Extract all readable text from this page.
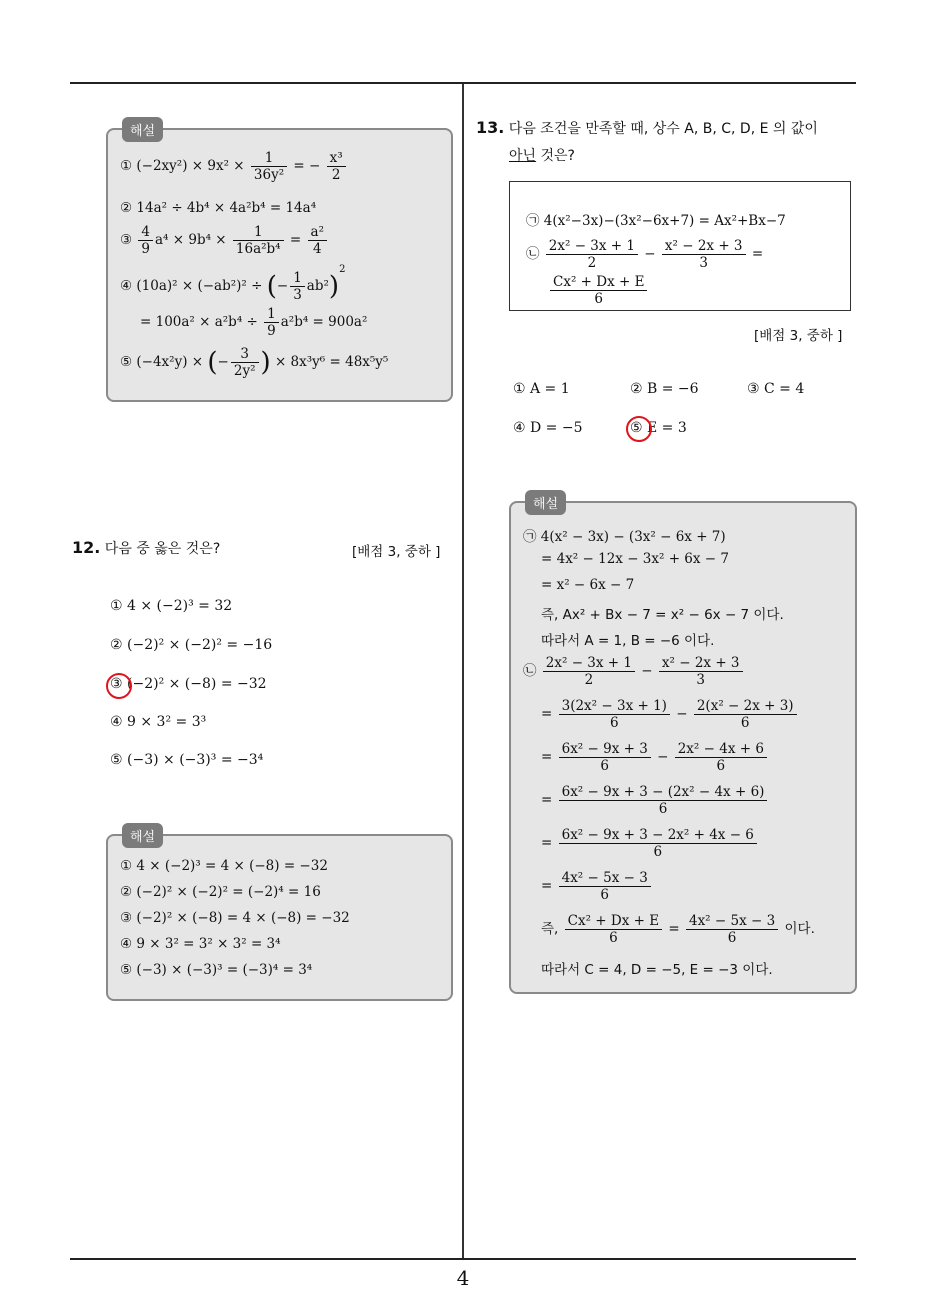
4
해설
① $(-2xy^2) \times 9x^2 \times \frac{1}{\text{36y²}}$ = − $\frac{\text{x³}}{2}$
② 14a² ÷ 4b⁴ × 4a²b⁴ = 14a⁴
③ $\frac{4}{9} a^4 \times 9b^4 \times \frac{1}{\text{16a²b⁴}} = \frac{\text{a²}}{4}$
④ (10a)² × (−ab²)² ÷ (− $\frac{1}{3} ab^2)^2$
= $100a^2 \times a^2b^4 \div \frac{1}{9} a^2b^4 = 900a^2$
⑤ (−4x²y) × (− $\frac{3}{\text{2y²}}$ ) × 8x³y⁶ = 48x⁵y⁵
12. 다음 중 옳은 것은?	[배점 3, 중하 ]
① 4 × (−2)³ = 32
② (−2)² × (−2)² = −16
③ (−2)² × (−8) = −32
④ 9 × 3² = 3³
⑤ (−3) × (−3)³ = −3⁴
해설
① 4 × (−2)³ = 4 × (−8) = −32
② (−2)² × (−2)² = (−2)⁴ = 16
③ (−2)² × (−8) = 4 × (−8) = −32
④ 9 × 3² = 3² × 3² = 3⁴
⑤ (−3) × (−3)³ = (−3)⁴ = 3⁴
13. 다음 조건을 만족할 때, 상수 A, B, C, D, E 의 값이
아닌 것은?
㉠ 4(x²−3x)−(3x²−6x+7) = Ax²+Bx−7
㉡ $\frac{\text{2x² − 3x + 1}}{2} - \frac{\text{x² − 2x + 3}}{3}$ =
$\frac{\text{Cx² + Dx + E}}{6}$
[배점 3, 중하 ]
① A = 1	② B = −6	③ C = 4
④ D = −5	⑤ E = 3
해설
㉠ 4(x² − 3x) − (3x² − 6x + 7)
= 4x² − 12x − 3x² + 6x − 7
= x² − 6x − 7
즉, Ax² + Bx − 7 = x² − 6x − 7 이다.
따라서 A = 1, B = −6 이다.
㉡ $\frac{\text{2x² − 3x + 1}}{2} - \frac{\text{x² − 2x + 3}}{3}$
= $\frac{\text{3(2x² − 3x + 1)}}{6} - \frac{\text{2(x² − 2x + 3)}}{6}$
= $\frac{\text{6x² − 9x + 3}}{6} - \frac{\text{2x² − 4x + 6}}{6}$
= $\frac{\text{6x² − 9x + 3 − (2x² − 4x + 6)}}{6}$
= $\frac{\text{6x² − 9x + 3 − 2x² + 4x − 6}}{6}$
= $\frac{\text{4x² − 5x − 3}}{6}$
즉, $\frac{\text{Cx² + Dx + E}}{6} = \frac{\text{4x² − 5x − 3}}{6}$ 이다.
따라서 C = 4, D = −5, E = −3 이다.
